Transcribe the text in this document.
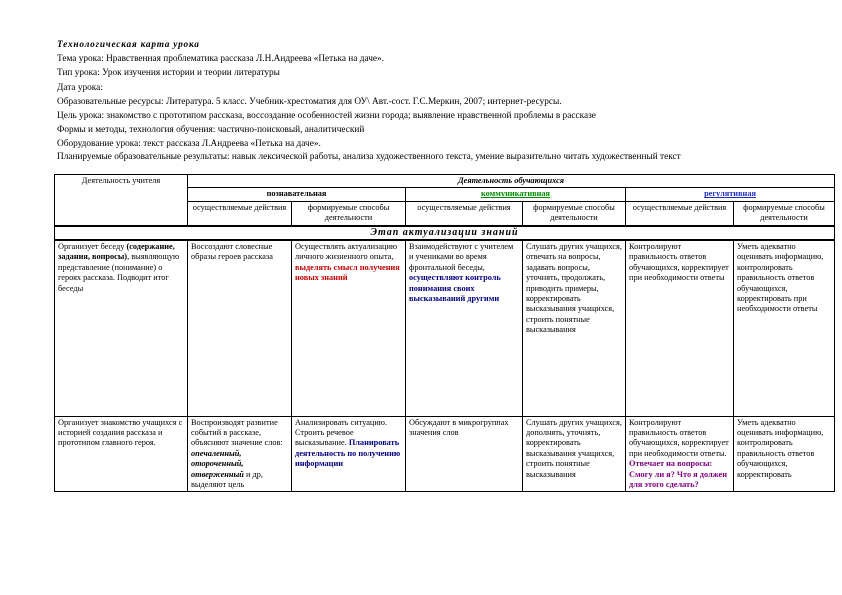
Технологическая карта урока
Тема урока: Нравственная проблематика рассказа Л.Н.Андреева «Петька на даче».
Тип урока: Урок изучения истории и теории литературы
Дата урока:
Образовательные ресурсы: Литература. 5 класс. Учебник-хрестоматия для ОУ\ Авт.-сост. Г.С.Меркин, 2007; интернет-ресурсы.
Цель урока: знакомство с прототипом рассказа, воссоздание особенностей жизни города; выявление нравственной проблемы в рассказе
Формы и методы, технология обучения: частично-поисковый, аналитический
Оборудование урока: текст рассказа Л.Андреева «Петька на даче».
Планируемые образовательные результаты: навык лексической работы, анализа художественного текста, умение выразительно читать художественный текст
Деятельность учителя	Деятельность обучающихся					
	познавательная		коммуникативная		регулятивная	
	осуществляемые действия	формируемые способы деятельности	осуществляемые действия	формируемые способы деятельности	осуществляемые действия	формируемые способы деятельности
Этап актуализации знаний						
Организует беседу (содержание, задания, вопросы), выявляющую представление (понимание) о героях рассказа. Подводит итог беседы	Воссоздают словесные образы героев рассказа	Осуществлять актуализацию личного жизненного опыта, выделять смысл получения новых знаний	Взаимодействуют с учителем и учениками во время фронтальной беседы, осуществляют контроль понимания своих высказываний другими	Слушать других учащихся, отвечать на вопросы, задавать вопросы, уточнять, продолжать, приводить примеры, корректировать высказывания учащихся, строить понятные высказывания	Контролируют правильность ответов обучающихся, корректирует при необходимости ответы	Уметь адекватно оценивать информацию, контролировать правильность ответов обучающихся, корректировать при необходимости ответы
Организует знакомство учащихся с историей создания рассказа и прототипом главного героя.	Воспроизводят развитие событий в рассказе, объясняют значение слов: опечаленный, отороченный, отверженный и др, выделяют цель	Анализировать ситуацию. Строить речевое высказывание. Планировать деятельность по получению информации	Обсуждают в микрогруппах значения слов	Слушать других учащихся, дополнять, уточнять, корректировать высказывания учащихся, строить понятные высказывания	Контролируют правильность ответов обучающихся, корректирует при необходимости ответы. Отвечает на вопросы: Смогу ли я? Что я должен для этого сделать?	Уметь адекватно оценивать информацию, контролировать правильность ответов обучающихся, корректировать
